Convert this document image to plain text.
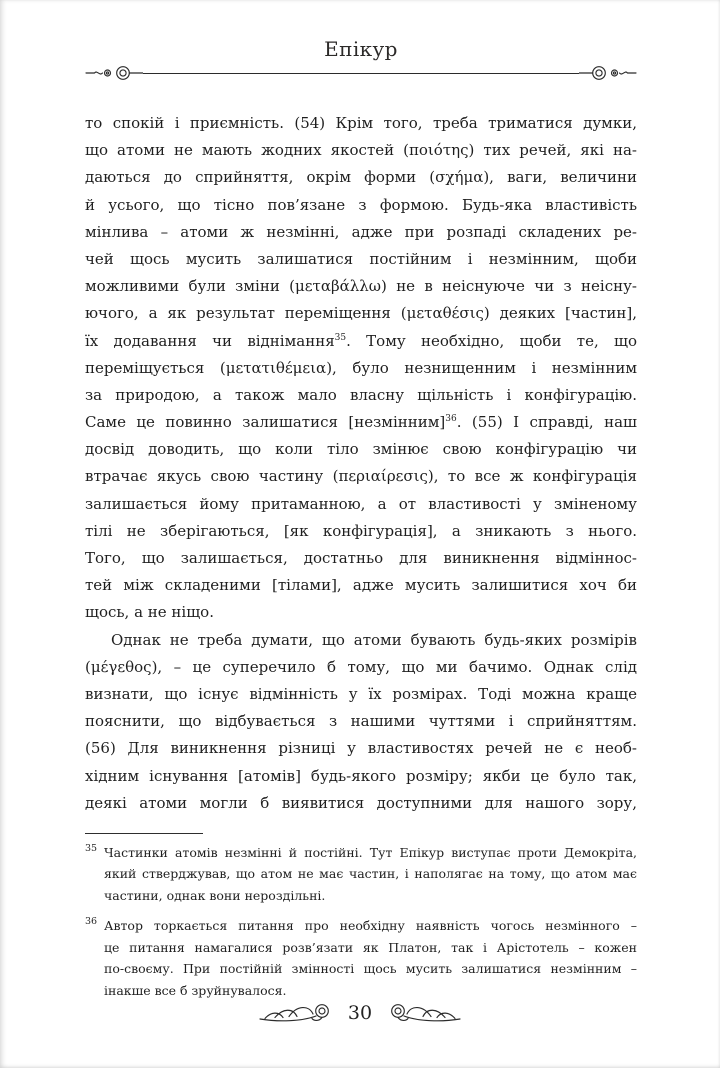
Епікур
то спокій і приємність. (54) Крім того, треба триматися думки,
що атоми не мають жодних якостей (ποιότης) тих речей, які на-
даються до сприйняття, окрім форми (σχήμα), ваги, величини
й усього, що тісно пов’язане з формою. Будь-яка властивість
мінлива – атоми ж незмінні, адже при розпаді складених ре-
чей щось мусить залишатися постійним і незмінним, щоби
можливими були зміни (μεταβάλλω) не в неіснуюче чи з неісну-
ючого, а як результат переміщення (μεταθέσις) деяких [частин],
їх додавання чи віднімання$^{35}$. Тому необхідно, щоби те, що
переміщується (μετατιθέμεια), було незнищенним і незмінним
за природою, а також мало власну щільність і конфігурацію.
Саме це повинно залишатися [незмінним]$^{36}$. (55) І справді, наш
досвід доводить, що коли тіло змінює свою конфігурацію чи
втрачає якусь свою частину (περιαίρεσις), то все ж конфігурація
залишається йому притаманною, а от властивості у зміненому
тілі не зберігаються, [як конфігурація], а зникають з нього.
Того, що залишається, достатньо для виникнення відміннос-
тей між складеними [тілами], адже мусить залишитися хоч би
щось, а не ніщо.
Однак не треба думати, що атоми бувають будь-яких розмірів
(μέγεθος), – це суперечило б тому, що ми бачимо. Однак слід
визнати, що існує відмінність у їх розмірах. Тоді можна краще
пояснити, що відбувається з нашими чуттями і сприйняттям.
(56) Для виникнення різниці у властивостях речей не є необ-
хідним існування [атомів] будь-якого розміру; якби це було так,
деякі атоми могли б виявитися доступними для нашого зору,
35 Частинки атомів незмінні й постійні. Тут Епікур виступає проти Демокріта,
який стверджував, що атом не має частин, і наполягає на тому, що атом має
частини, однак вони нероздільні.
36 Автор торкається питання про необхідну наявність чогось незмінного –
це питання намагалися розв’язати як Платон, так і Арістотель – кожен
по-своєму. При постійній змінності щось мусить залишатися незмінним –
інакше все б зруйнувалося.
30
